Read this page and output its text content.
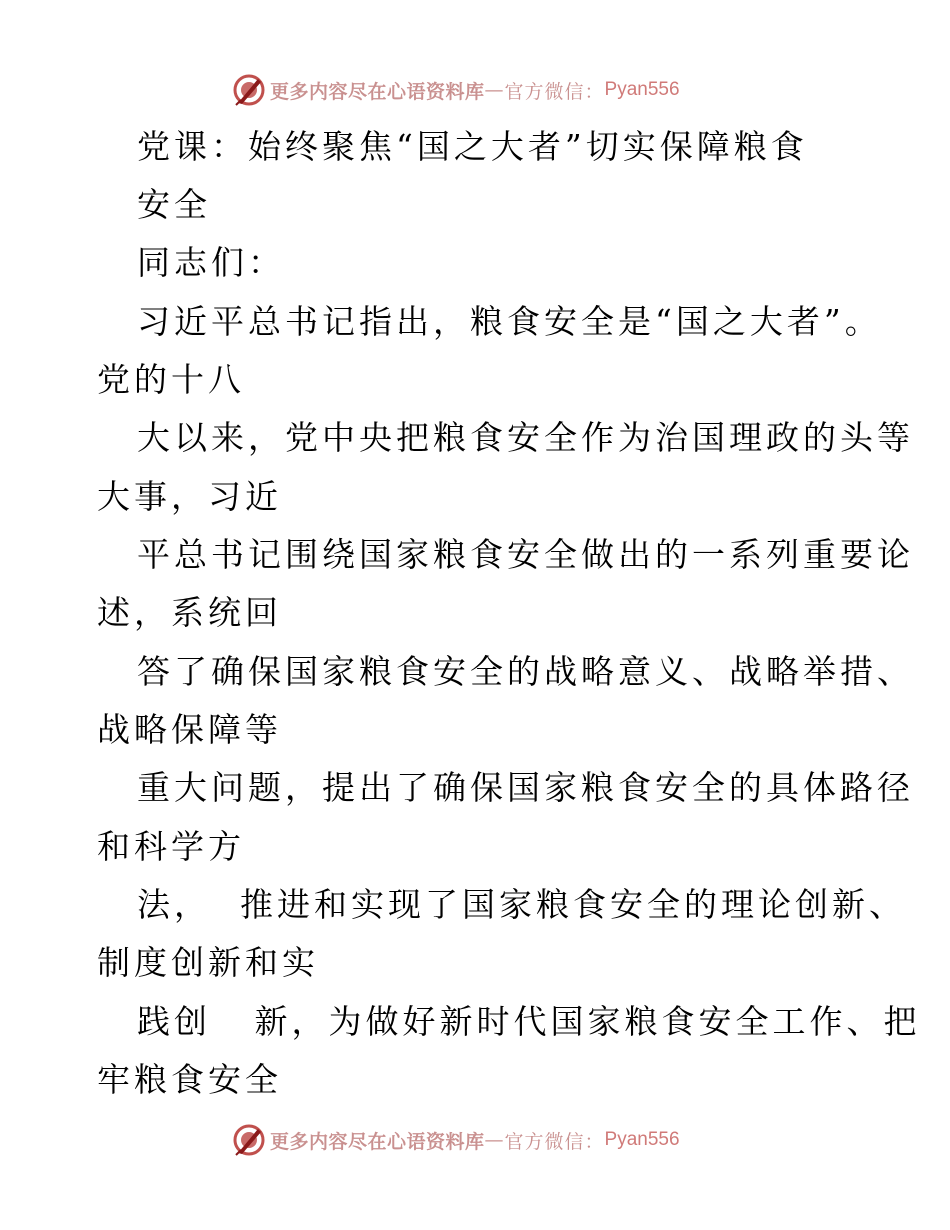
更多内容尽在心语资料库 — 官方微信： Pyan556
党课：始终聚焦“国之大者”切实保障粮食
安全
同志们：
习近平总书记指出，粮食安全是“国之大者”。
党的十八
大以来，党中央把粮食安全作为治国理政的头等
大事，习近
平总书记围绕国家粮食安全做出的一系列重要论
述，系统回
答了确保国家粮食安全的战略意义、战略举措、
战略保障等
重大问题，提出了确保国家粮食安全的具体路径
和科学方
法，  推进和实现了国家粮食安全的理论创新、
制度创新和实
践创   新，为做好新时代国家粮食安全工作、把
牢粮食安全
更多内容尽在心语资料库 — 官方微信： Pyan556
